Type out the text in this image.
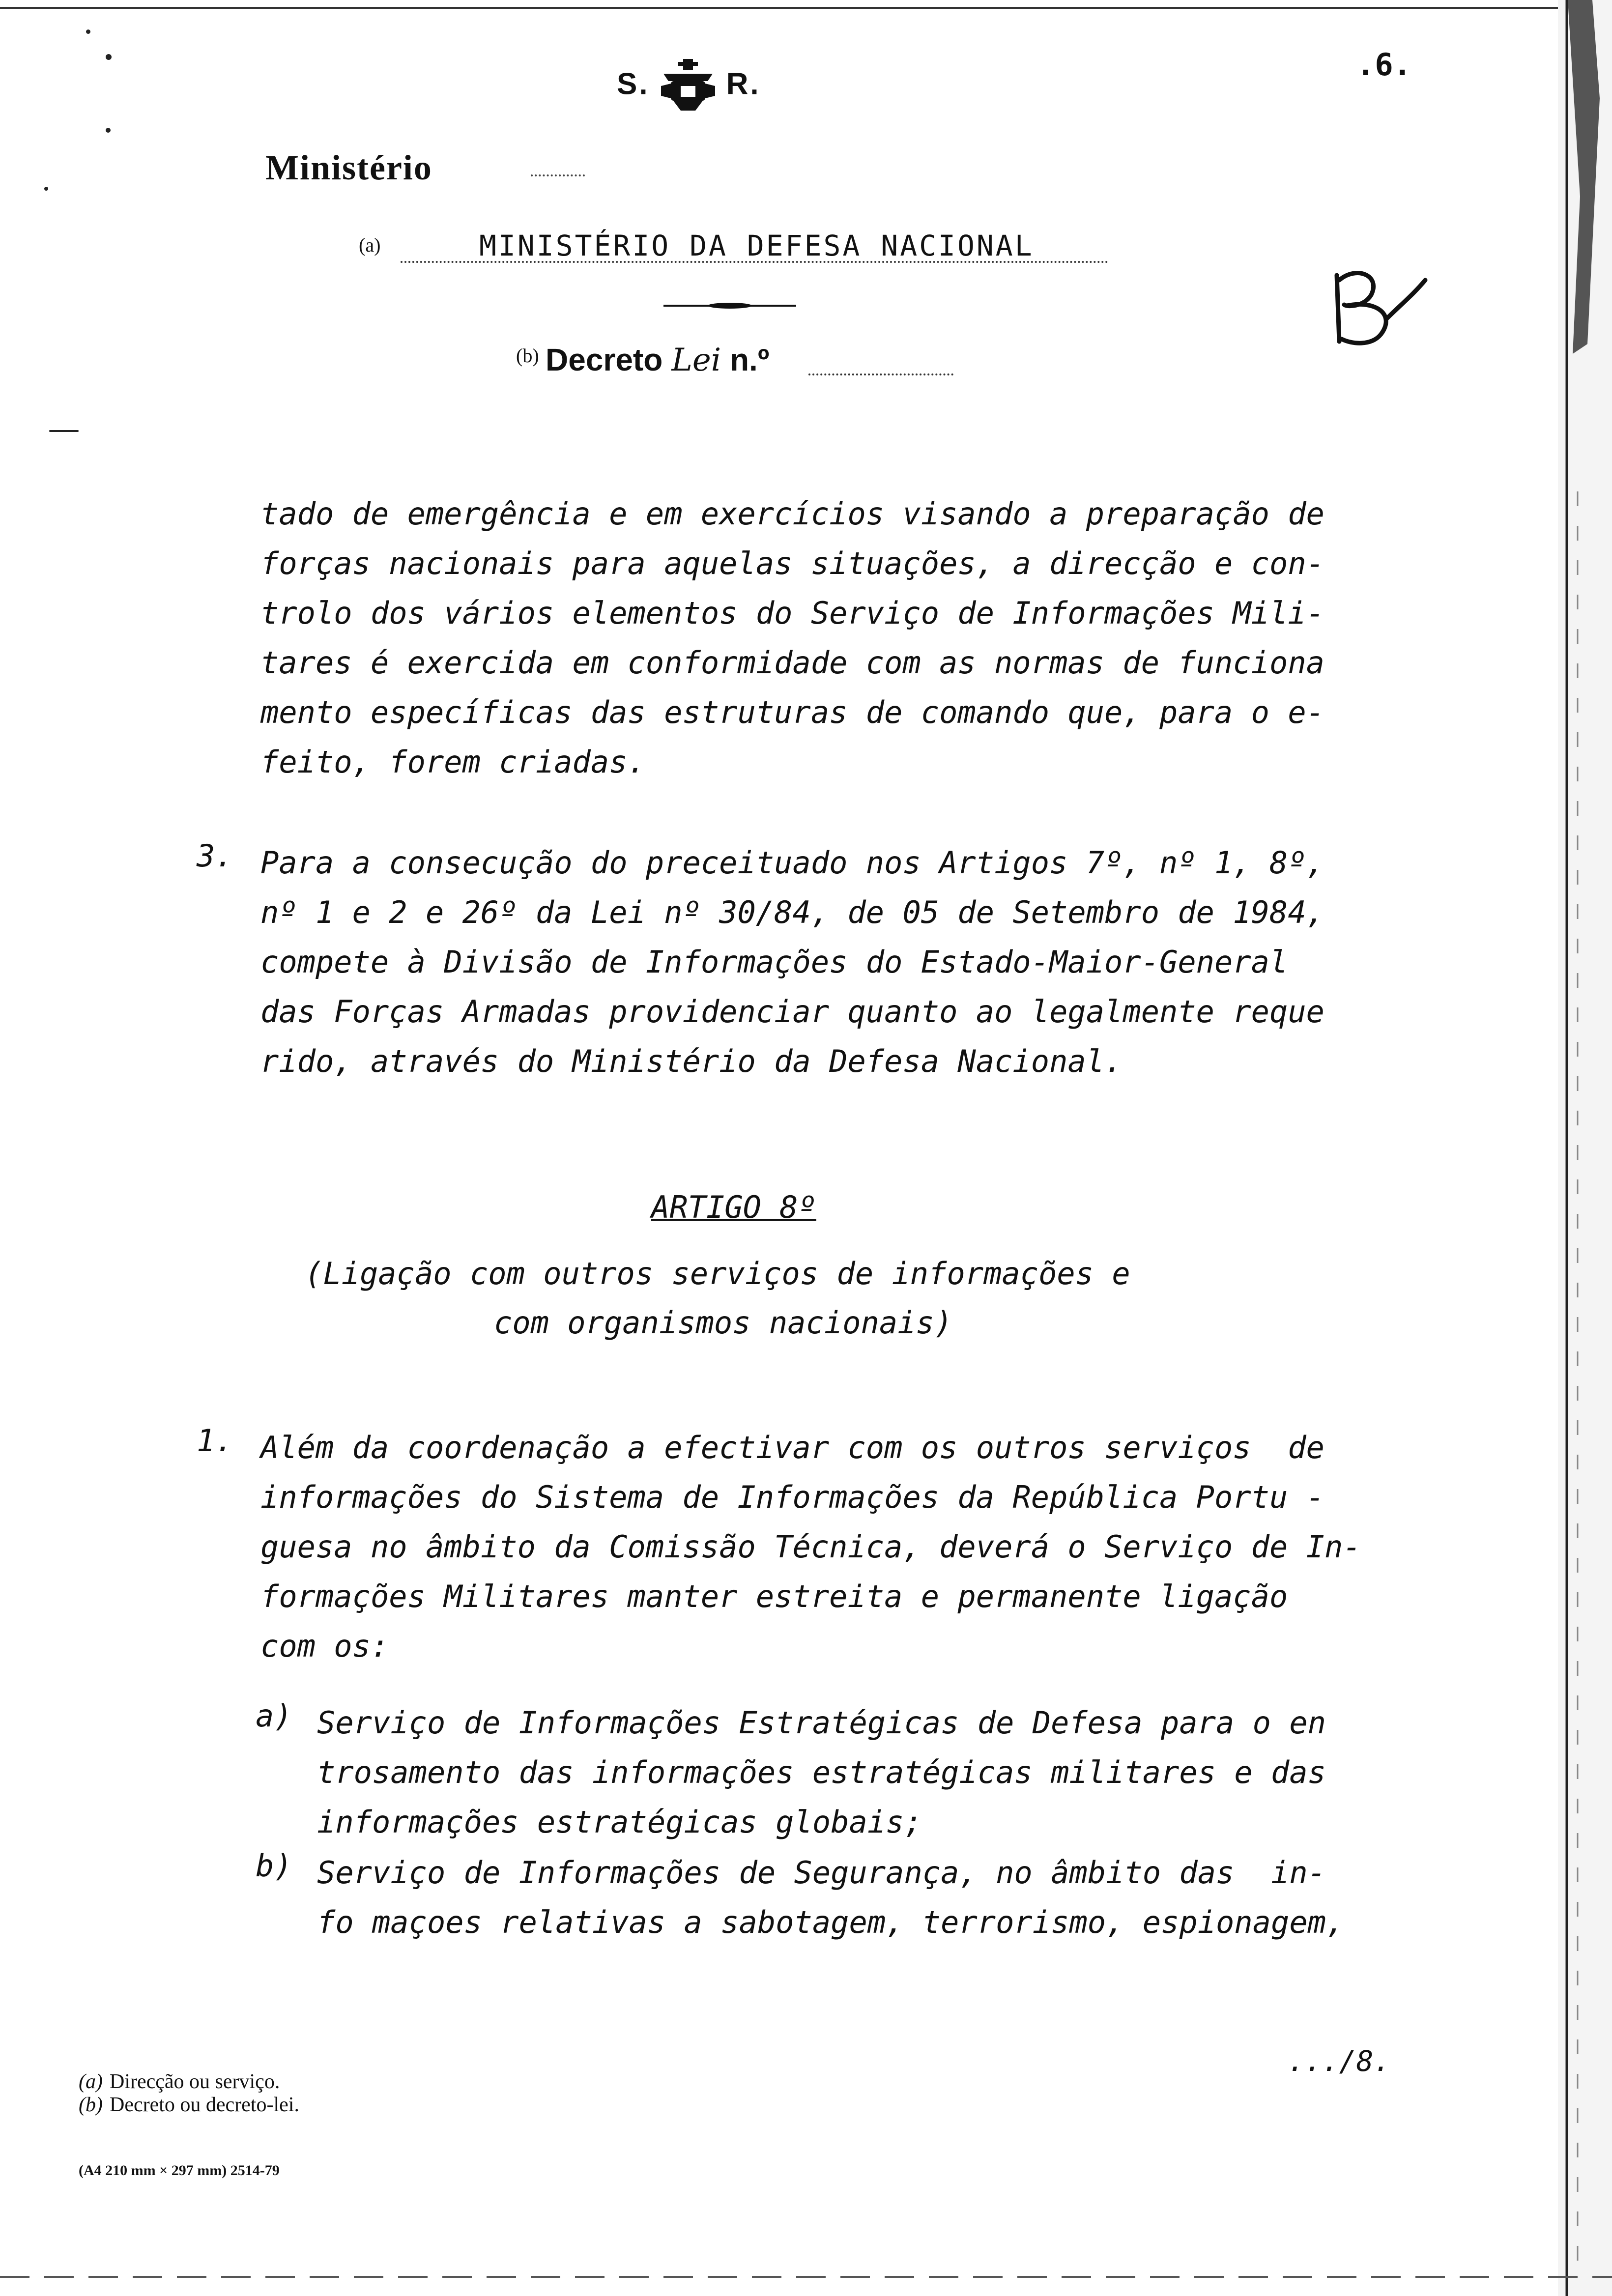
S.	R.
.6.
Ministério
(a)	MINISTÉRIO DA DEFESA NACIONAL
(b) Decreto Lei n.º
tado de emergência e em exercícios visando a preparação de
forças nacionais para aquelas situações, a direcção e con-
trolo dos vários elementos do Serviço de Informações Mili-
tares é exercida em conformidade com as normas de funciona
mento específicas das estruturas de comando que, para o e-
feito, forem criadas.
3. Para a consecução do preceituado nos Artigos 7º, nº 1, 8º,
nº 1 e 2 e 26º da Lei nº 30/84, de 05 de Setembro de 1984,
compete à Divisão de Informações do Estado-Maior-General
das Forças Armadas providenciar quanto ao legalmente reque
rido, através do Ministério da Defesa Nacional.
ARTIGO 8º
(Ligação com outros serviços de informações e
com organismos nacionais)
1. Além da coordenação a efectivar com os outros serviços  de
informações do Sistema de Informações da República Portu -
guesa no âmbito da Comissão Técnica, deverá o Serviço de In-
formações Militares manter estreita e permanente ligação
com os:
a) Serviço de Informações Estratégicas de Defesa para o en
trosamento das informações estratégicas militares e das
informações estratégicas globais;
b) Serviço de Informações de Segurança, no âmbito das  in-
fo maçoes relativas a sabotagem, terrorismo, espionagem,
.../8.
(a) Direcção ou serviço.
(b) Decreto ou decreto-lei.
(A4 210 mm × 297 mm) 2514-79
